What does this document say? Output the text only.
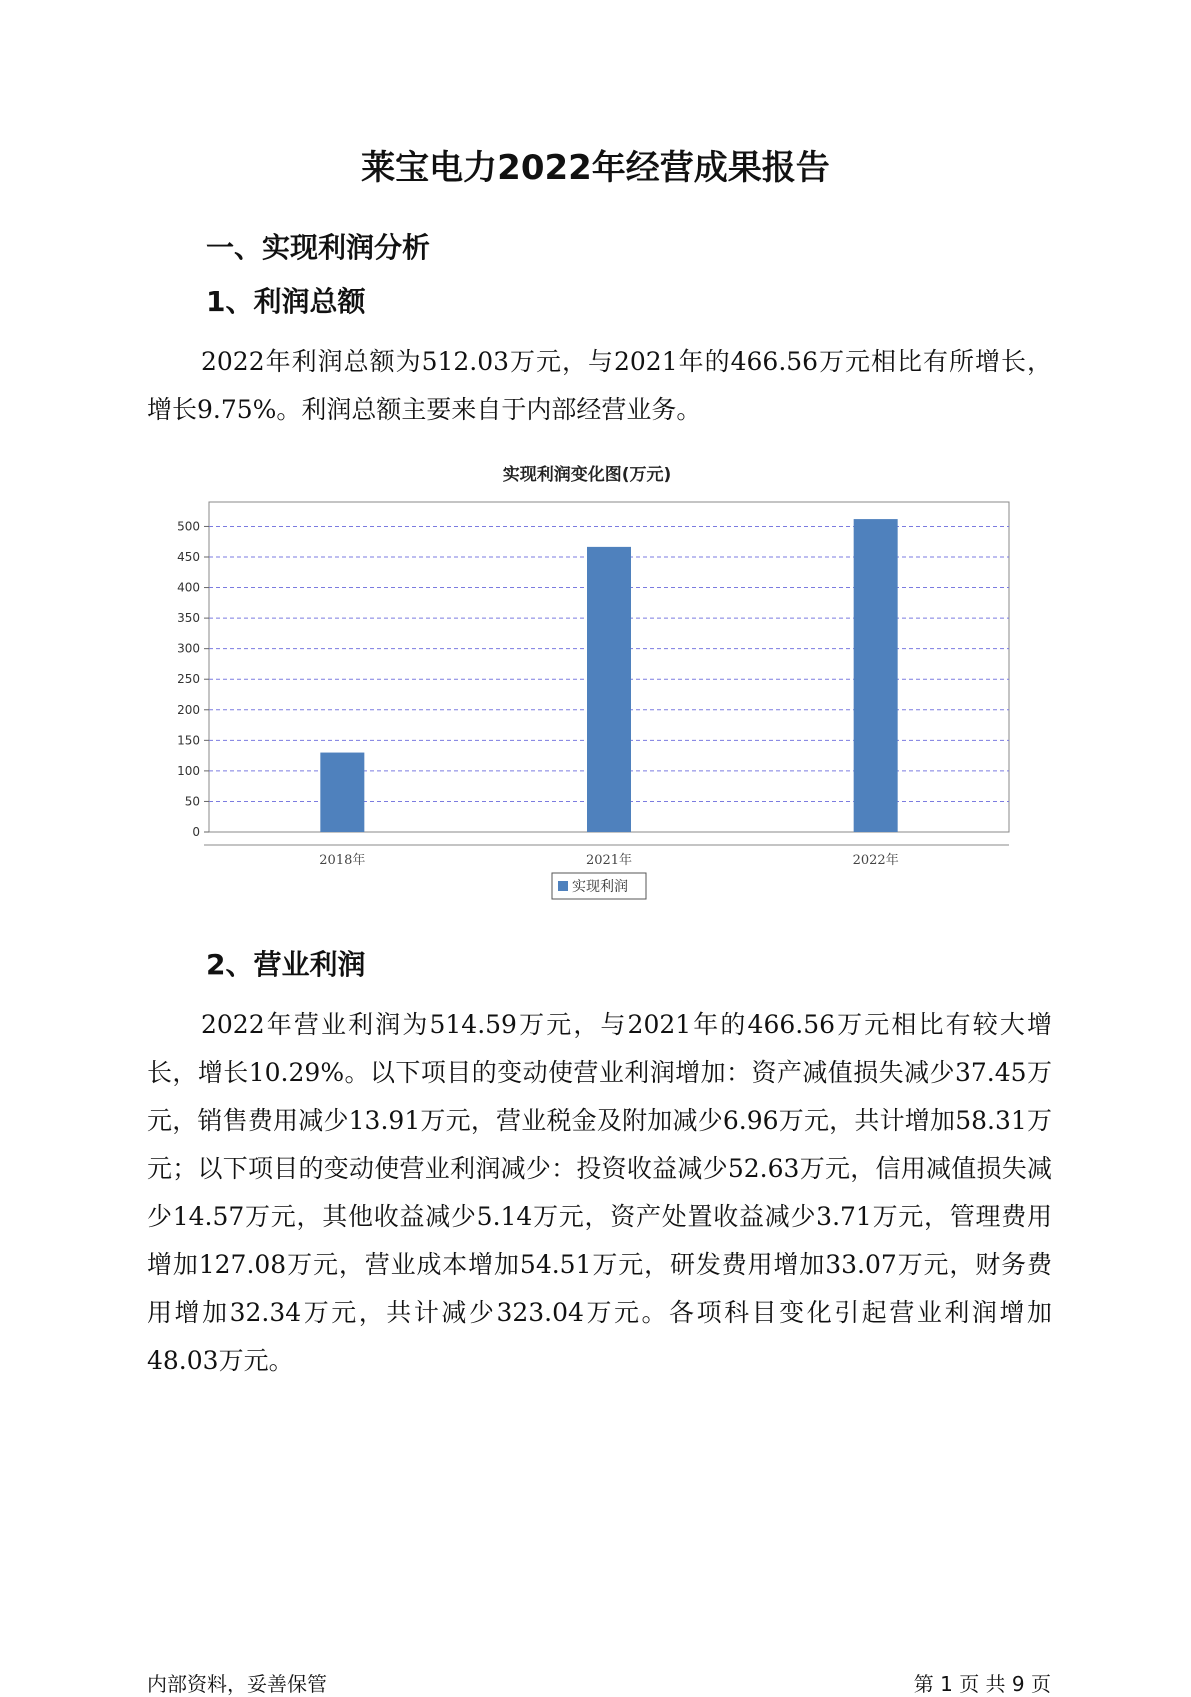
莱宝电力2022年经营成果报告
一、实现利润分析
1、利润总额

2022年利润总额为512.03万元，与2021年的466.56万元相比有所增长，增长9.75%。利润总额主要来自于内部经营业务。

实现利润变化图(万元)
0
50
100
150
200
250
300
350
400
450
500
2018年	2021年	2022年
实现利润
2、营业利润

2022年营业利润为514.59万元，与2021年的466.56万元相比有较大增长，增长10.29%。以下项目的变动使营业利润增加：资产减值损失减少37.45万元，销售费用减少13.91万元，营业税金及附加减少6.96万元，共计增加58.31万元；以下项目的变动使营业利润减少：投资收益减少52.63万元，信用减值损失减少14.57万元，其他收益减少5.14万元，资产处置收益减少3.71万元，管理费用增加127.08万元，营业成本增加54.51万元，研发费用增加33.07万元，财务费用增加32.34万元，共计减少323.04万元。各项科目变化引起营业利润增加48.03万元。

内部资料，妥善保管	第 1 页 共 9 页
